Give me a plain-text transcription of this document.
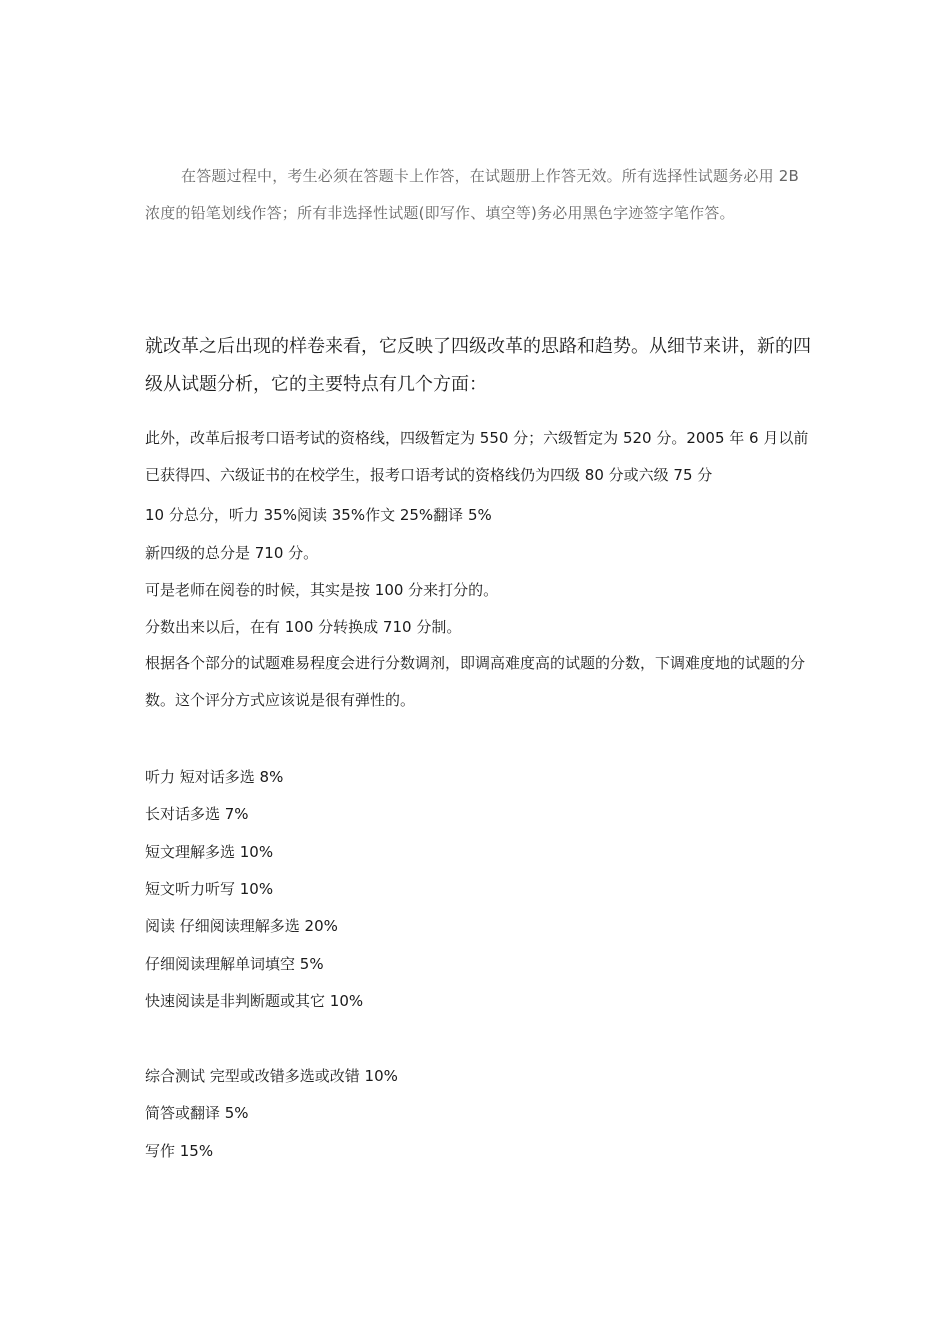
在答题过程中，考生必须在答题卡上作答，在试题册上作答无效。所有选择性试题务必用 2B 浓度的铅笔划线作答；所有非选择性试题(即写作、填空等)务必用黑色字迹签字笔作答。

就改革之后出现的样卷来看，它反映了四级改革的思路和趋势。从细节来讲，新的四级从试题分析，它的主要特点有几个方面：

此外，改革后报考口语考试的资格线，四级暂定为 550 分；六级暂定为 520 分。2005 年 6 月以前已获得四、六级证书的在校学生，报考口语考试的资格线仍为四级 80 分或六级 75 分

10 分总分，听力 35%阅读 35%作文 25%翻译 5%
新四级的总分是 710 分。
可是老师在阅卷的时候，其实是按 100 分来打分的。
分数出来以后，在有 100 分转换成 710 分制。

根据各个部分的试题难易程度会进行分数调剂，即调高难度高的试题的分数，下调难度地的试题的分数。这个评分方式应该说是很有弹性的。

听力 短对话多选 8%
长对话多选 7%
短文理解多选 10%
短文听力听写 10%
阅读 仔细阅读理解多选 20%
仔细阅读理解单词填空 5%
快速阅读是非判断题或其它 10%
综合测试 完型或改错多选或改错 10%
简答或翻译 5%
写作 15%
